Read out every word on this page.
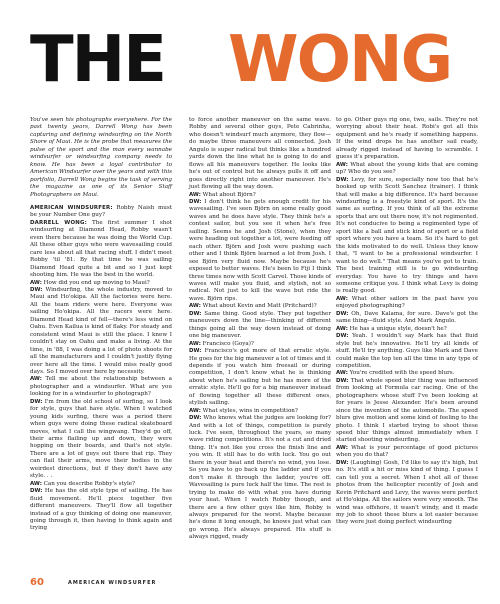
THE WONG

You've seen his photographs everywhere. For the past twenty years, Darrell Wong has been capturing and defining windsurfing on the North Shore of Maui. He is the probe that measures the pulse of the sport and the man every wannabe windsurfer or windsurfing company needs to know. He has been a loyal contributor to American Windsurfer over the years and with this portfolio, Darrell Wong begins the task of serving the magazine as one of its Senior Staff Photographers on Maui.

AMERICAN WINDSURFER: Robby Naish must be your Number One guy?

DARRELL WONG: The first summer I shot windsurfing at Diamond Head, Robby wasn't even there because he was doing the World Cup. All these other guys who were wavesailing could care less about all that racing stuff. I didn't meet Robby 'til '81. By that time he was sailing Diamond Head quite a bit and so I just kept shooting him. He was the best in the world.

AW: How did you end up moving to Maui?

DW: Windsurfing, the whole industry, moved to Maui and Ho'okipa. All the factories were here. All the team riders were here. Everyone was sailing Ho'okipa. All the racers were here. Diamond Head kind of fell—there's less wind on Oahu. Even Kailua is kind of flaky. For steady and consistent wind Maui is still the place. I knew I couldn't stay on Oahu and make a living. At the time, in '88, I was doing a lot of photo shoots for all the manufacturers and I couldn't justify flying over here all the time. I would miss really good days. So I moved over here by necessity.

AW: Tell me about the relationship between a photographer and a windsurfer. What are you looking for in a windsurfer to photograph?

DW: I'm from the old school of surfing, so I look for style, guys that have style. When I watched young kids surfing, there was a period there when guys were doing these radical skateboard moves, what I call the wingwang. They'd go off, their arms flailing up and down, they were hopping on their boards, and that's not style. There are a lot of guys out there that rip. They can flail their arms, move their bodies in the weirdest directions, but if they don't have any style. . .

AW: Can you describe Robby's style?

DW: He has the old style type of sailing. He has fluid movement. He'll piece together five different maneuvers. They'll flow all together instead of a guy thinking of doing one maneuver, going through it, then having to think again and trying

to force another maneuver on the same wave. Robby and several other guys, Pete Cabrinha, who doesn't windsurf much anymore, they flow—do maybe three maneuvers all connected. Josh Angulo is super radical but thinks like a hundred yards down the line what he is going to do and flows all his maneuvers together. He looks like he's out of control but he always pulls it off and goes directly right into another maneuver. He's just flowing all the way down.

AW: What about Björn?

DW: I don't think he gets enough credit for his wavesailing. I've seen Björn on some really good waves and he does have style. They think he's a contest sailor, but you see it when he's free sailing. Seems he and Josh (Stone), when they were heading out together a lot, were feeding off each other. Björn and Josh were pushing each other and I think Björn learned a lot from Josh. I see Björn very fluid now. Maybe because he's exposed to better waves. He's been to Fiji I think three times now with Scott Carvel. Those kinds of waves will make you fluid, and stylish, not so radical. Not just to kill the wave but ride the wave. Björn rips.

AW: What about Kevin and Matt (Pritchard)?

DW: Same thing. Good style. They put together maneuvers down the line—thinking of different things going all the way down instead of doing one big maneuver.

AW: Francisco (Goya)?

DW: Francisco's got more of that erratic style. He goes for the big maneuver a lot of times and it depends if you watch him freesail or during competition, I don't know what he is thinking about when he's sailing but he has more of the erratic style. He'll go for a big maneuver instead of flowing together all these different ones, stylish sailing.

AW: What styles, wins in competition?

DW: Who knows what the judges are looking for? And with a lot of things, competition is purely luck. I've seen, throughout the years, so many wave riding competitions. It's not a cut and dried thing. It's not like you cross the finish line and you win. It still has to do with luck. You go out there in your heat and there's no wind, you lose. So you have to go back up the ladder and if you don't make it through the ladder, you're off. Wavesailing is pure luck half the time. The rest is trying to make do with what you have during your heat. When I watch Robby though, and there are a few other guys like him, Robby is always prepared for the worst. Maybe because he's done it long enough, he knows just what can go wrong. He's always prepared. His stuff is always rigged, ready

to go. Other guys rig one, two, sails. They're not worrying about their heat. Robi's got all this equipment and he's ready if something happens. If the wind drops he has another sail ready, already rigged instead of having to scramble. I guess it's preparation.

AW: What about the young kids that are coming up? Who do you see?

DW: Levy, for sure, especially now too that he's hooked up with Scott Sanchez (trainer). I think that will make a big difference. It's hard because windsurfing is a freestyle kind of sport. It's the same as surfing. If you think of all the extreme sports that are out there now, it's not regimented. It's not conducive to being a regimented type of sport like a ball and stick kind of sport or a field sport where you have a team. So it's hard to get the kids motivated to do well. Unless they know that, "I want to be a professional windsurfer. I want to do well." That means you've got to train. The best training still is to go windsurfing everyday. You have to try things and have someone critique you. I think what Levy is doing is really good.

AW: What other sailors in the past have you enjoyed photographing?

DW: Oh, Dave Kalama, for sure. Dave's got the same thing—fluid style. And Mark Angulo.

AW: He has a unique style, doesn't he?

DW: Yeah. I wouldn't say Mark has that fluid style but he's innovative. He'll try all kinds of stuff. He'll try anything. Guys like Mark and Dave could make the top ten all the time in any type of competition.

AW: You're credited with the speed blurs.

DW: That whole speed blur thing was influenced from looking at Formula car racing. One of the photographers whose stuff I've been looking at for years is Jesse Alexander. He's been around since the invention of the automobile. The speed blurs give motion and some kind of feeling to the photo. I think I started trying to shoot these speed blur things almost immediately when I started shooting windsurfing.

AW: What is your percentage of good pictures when you do that?

DW: (Laughing) Gosh, I'd like to say it's high, but no. It's still a hit or miss kind of thing. I guess I can tell you a secret. When I shot all of these photos from the helicopter recently of Josh and Kevin Pritchard and Levy, the waves were perfect at Ho'okipa. All the sailors were very smooth. The wind was offshore, it wasn't windy, and it made my job to shoot these blurs a lot easier because they were just doing perfect windsurfing

60	AMERICAN WINDSURFER
